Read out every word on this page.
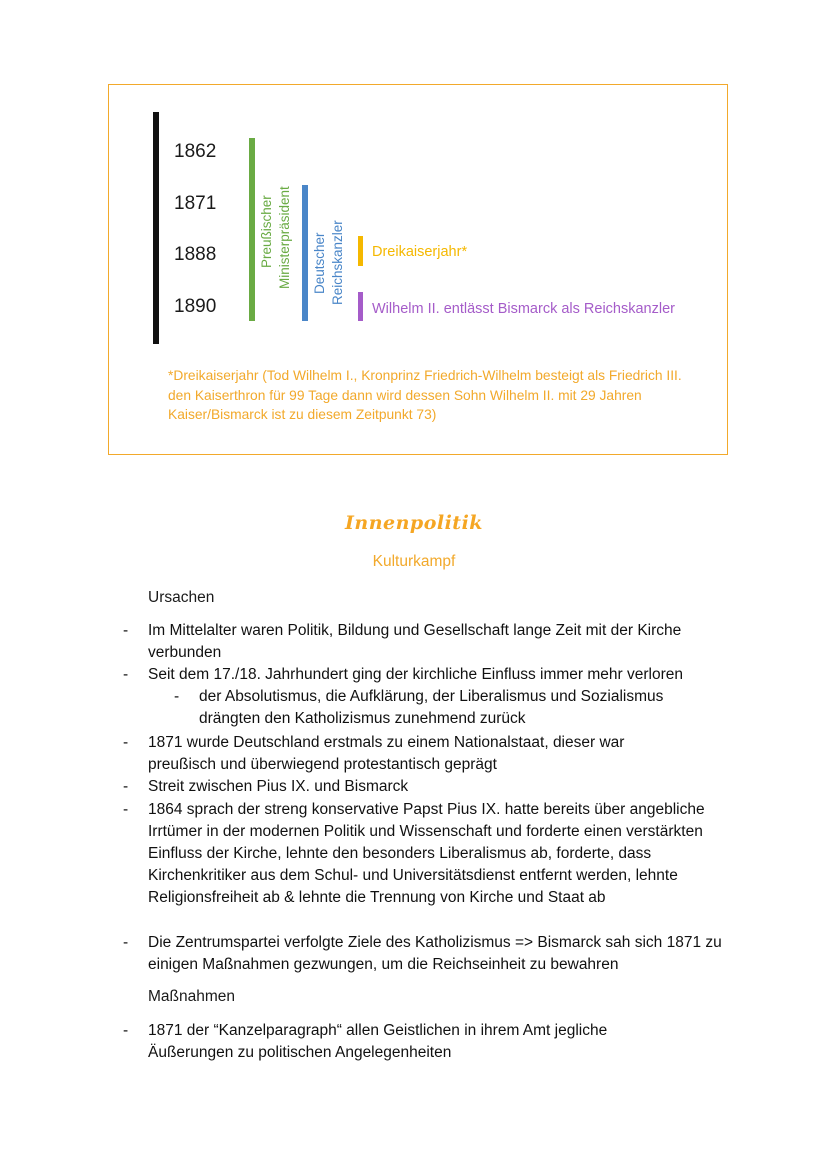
1862
1871
1888
1890
Preußischer Ministerpräsident Deutscher Reichskanzler Dreikaiserjahr*
Wilhelm II. entlässt Bismarck als Reichskanzler
*Dreikaiserjahr (Tod Wilhelm I., Kronprinz Friedrich-Wilhelm besteigt als Friedrich III. den Kaiserthron für 99 Tage dann wird dessen Sohn Wilhelm II. mit 29 Jahren Kaiser/Bismarck ist zu diesem Zeitpunkt 73)
Innenpolitik
Kulturkampf
Ursachen
- Im Mittelalter waren Politik, Bildung und Gesellschaft lange Zeit mit der Kirche verbunden
- Seit dem 17./18. Jahrhundert ging der kirchliche Einfluss immer mehr verloren
- der Absolutismus, die Aufklärung, der Liberalismus und Sozialismus drängten den Katholizismus zunehmend zurück
- 1871 wurde Deutschland erstmals zu einem Nationalstaat, dieser war preußisch und überwiegend protestantisch geprägt
- Streit zwischen Pius IX. und Bismarck
- 1864 sprach der streng konservative Papst Pius IX. hatte bereits über angebliche Irrtümer in der modernen Politik und Wissenschaft und forderte einen verstärkten Einfluss der Kirche, lehnte den besonders Liberalismus ab, forderte, dass Kirchenkritiker aus dem Schul- und Universitätsdienst entfernt werden, lehnte Religionsfreiheit ab & lehnte die Trennung von Kirche und Staat ab
- Die Zentrumspartei verfolgte Ziele des Katholizismus => Bismarck sah sich 1871 zu einigen Maßnahmen gezwungen, um die Reichseinheit zu bewahren
Maßnahmen
- 1871 der “Kanzelparagraph“ allen Geistlichen in ihrem Amt jegliche Äußerungen zu politischen Angelegenheiten
